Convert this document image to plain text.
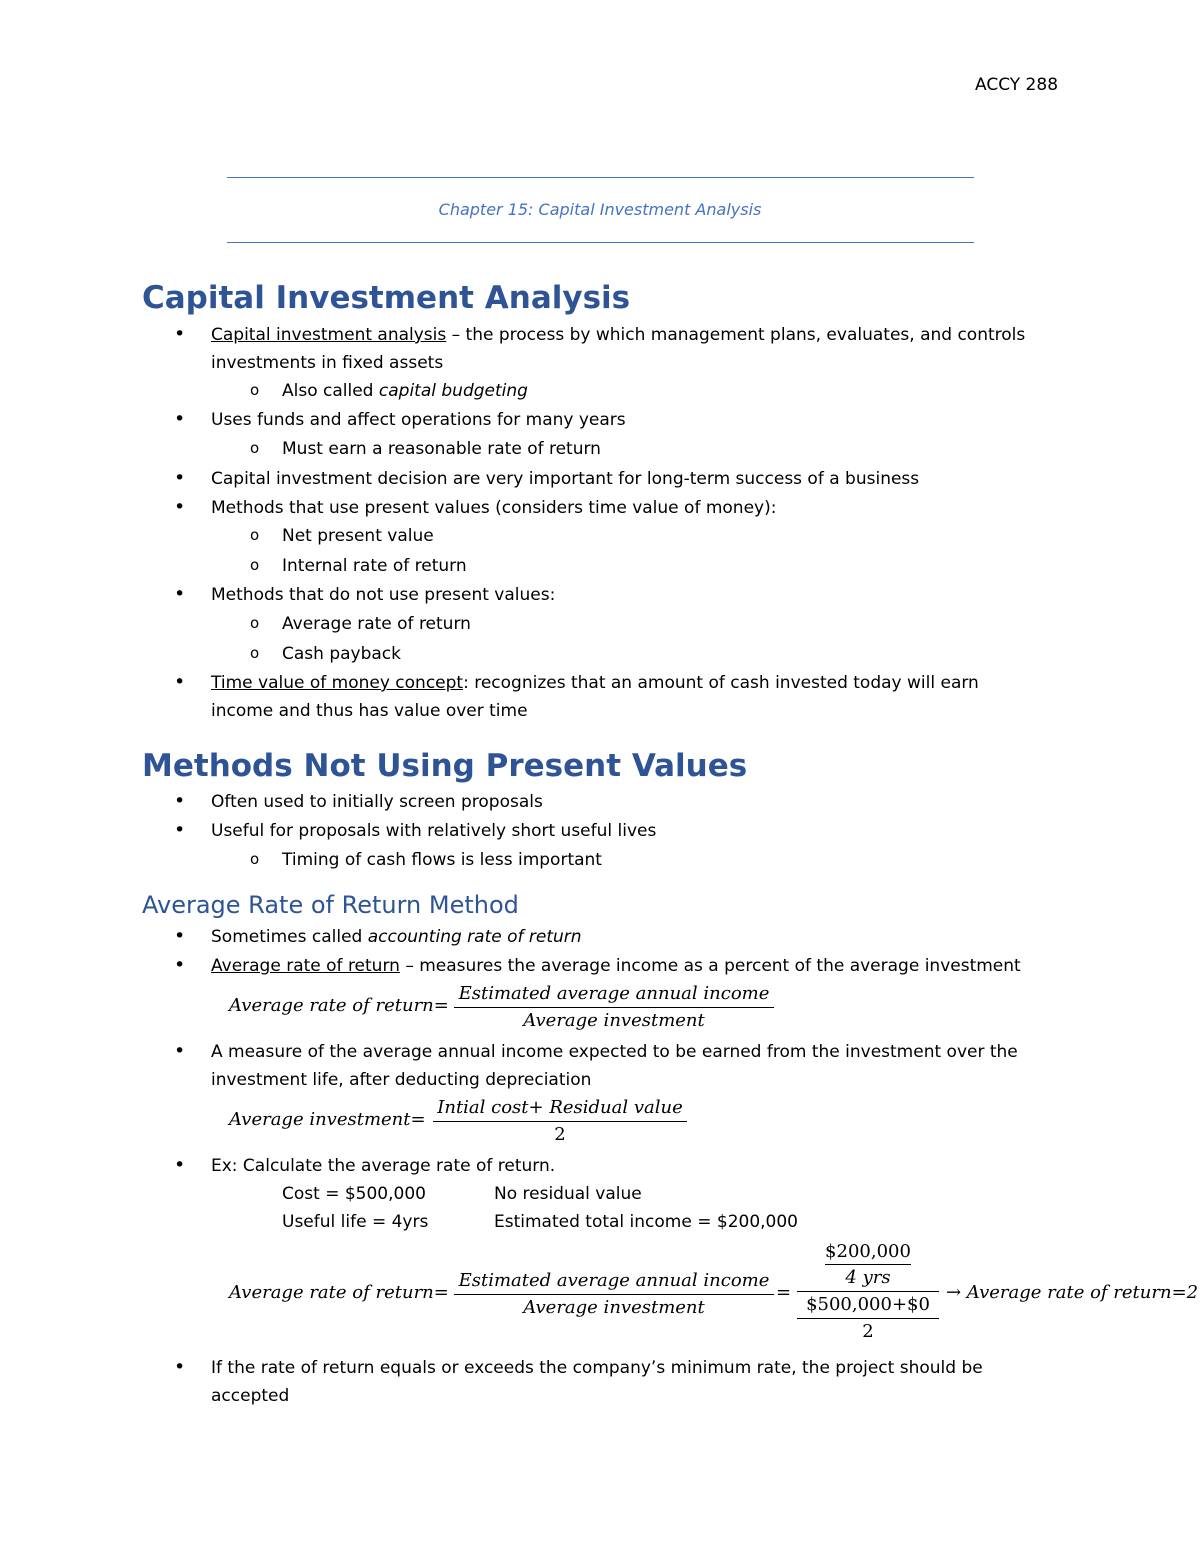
ACCY 288
Chapter 15: Capital Investment Analysis
Capital Investment Analysis
• Capital investment analysis – the process by which management plans, evaluates, and controls
investments in fixed assets
o Also called capital budgeting
• Uses funds and affect operations for many years
o Must earn a reasonable rate of return
• Capital investment decision are very important for long-term success of a business
• Methods that use present values (considers time value of money):
o Net present value
o Internal rate of return
• Methods that do not use present values:
o Average rate of return
o Cash payback
• Time value of money concept: recognizes that an amount of cash invested today will earn
income and thus has value over time
Methods Not Using Present Values
• Often used to initially screen proposals
• Useful for proposals with relatively short useful lives
o Timing of cash flows is less important
Average Rate of Return Method
• Sometimes called accounting rate of return
• Average rate of return – measures the average income as a percent of the average investment
Average rate of return=
Estimated average annual income
Average investment
• A measure of the average annual income expected to be earned from the investment over the
investment life, after deducting depreciation
Average investment=
Intial cost+ Residual value
2
• Ex: Calculate the average rate of return.
Cost = $500,000	No residual value
Useful life = 4yrs	Estimated total income = $200,000
Average rate of return=
Estimated average annual income
Average investment
=
$200,000
4 yrs
$500,000+$0
2
→ Average rate of return=2
• If the rate of return equals or exceeds the company’s minimum rate, the project should be
accepted
